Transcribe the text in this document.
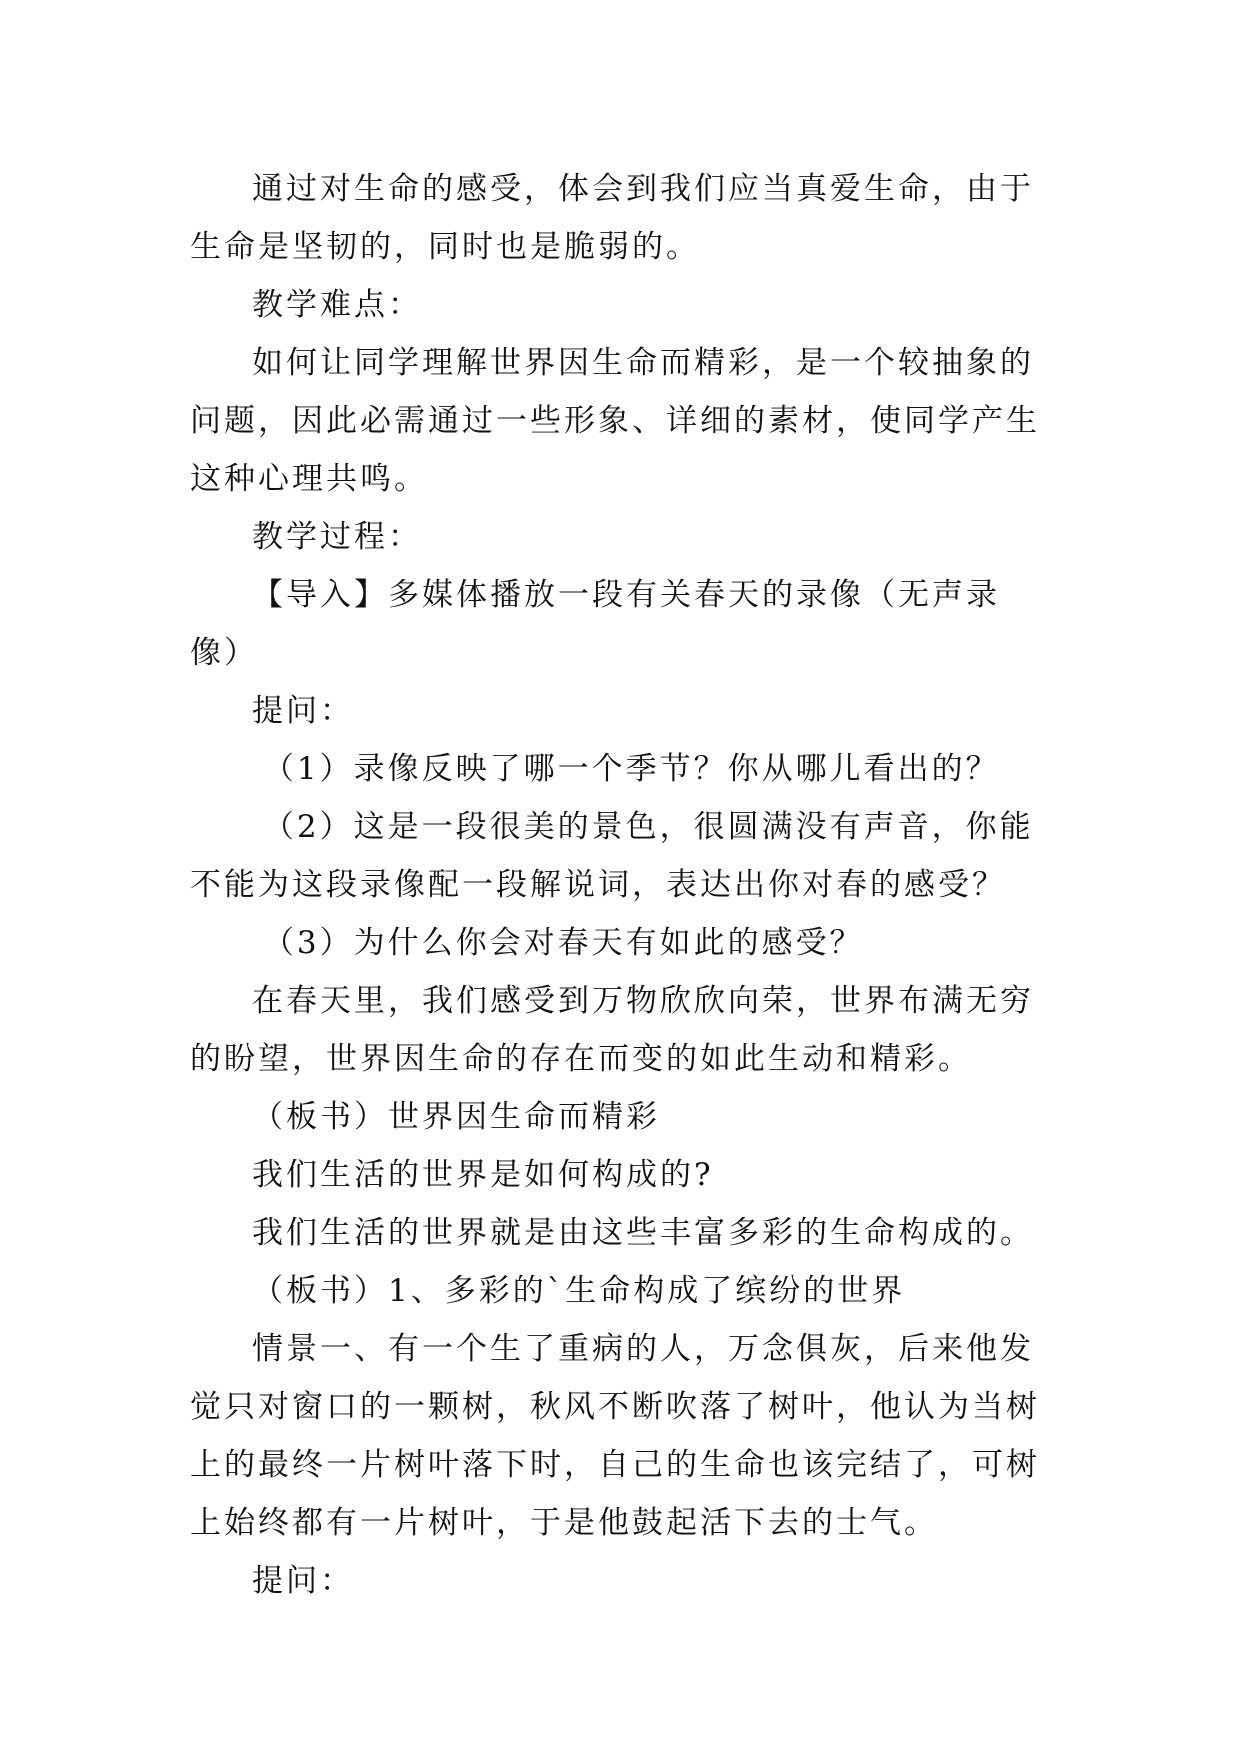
通过对生命的感受，体会到我们应当真爱生命，由于生命是坚韧的，同时也是脆弱的。

教学难点：

如何让同学理解世界因生命而精彩，是一个较抽象的问题，因此必需通过一些形象、详细的素材，使同学产生这种心理共鸣。

教学过程：

【导入】多媒体播放一段有关春天的录像（无声录像）

提问：

（1）录像反映了哪一个季节？你从哪儿看出的？

（2）这是一段很美的景色，很圆满没有声音，你能不能为这段录像配一段解说词，表达出你对春的感受？

（3）为什么你会对春天有如此的感受？

在春天里，我们感受到万物欣欣向荣，世界布满无穷的盼望，世界因生命的存在而变的如此生动和精彩。

（板书）世界因生命而精彩

我们生活的世界是如何构成的?

我们生活的世界就是由这些丰富多彩的生命构成的。

（板书）1、多彩的`生命构成了缤纷的世界

情景一、有一个生了重病的人，万念俱灰，后来他发觉只对窗口的一颗树，秋风不断吹落了树叶，他认为当树上的最终一片树叶落下时，自己的生命也该完结了，可树上始终都有一片树叶，于是他鼓起活下去的士气。

提问：
